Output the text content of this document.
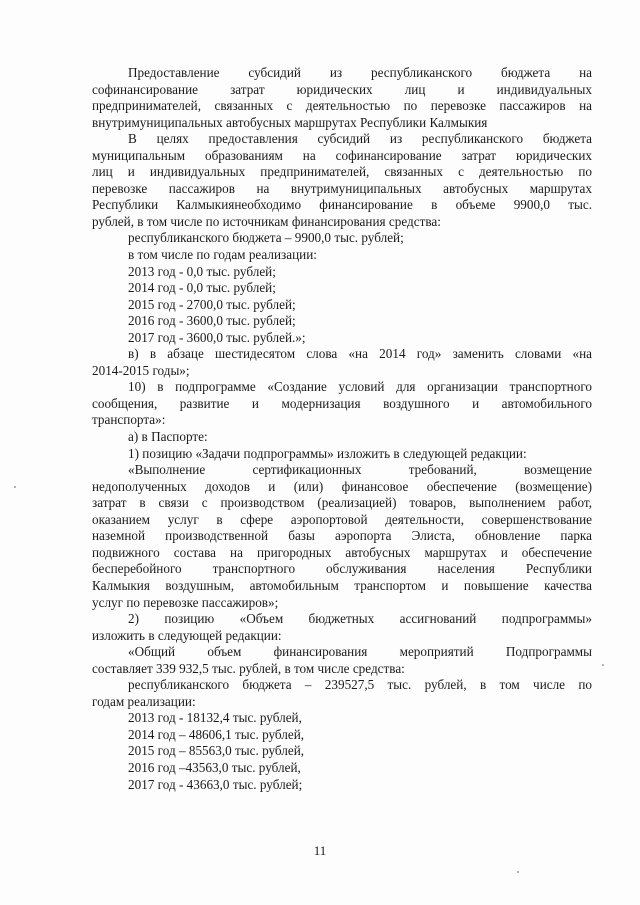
Предоставление субсидий из республиканского бюджета на
софинансирование затрат юридических лиц и индивидуальных
предпринимателей, связанных с деятельностью по перевозке пассажиров на
внутримуниципальных автобусных маршрутах Республики Калмыкия
В целях предоставления субсидий из республиканского бюджета
муниципальным образованиям на софинансирование затрат юридических
лиц и индивидуальных предпринимателей, связанных с деятельностью по
перевозке пассажиров на внутримуниципальных автобусных маршрутах
Республики Калмыкиянеобходимо финансирование в объеме 9900,0 тыс.
рублей, в том числе по источникам финансирования средства:
республиканского бюджета – 9900,0 тыс. рублей;
в том числе по годам реализации:
2013 год - 0,0 тыс. рублей;
2014 год - 0,0 тыс. рублей;
2015 год - 2700,0 тыс. рублей;
2016 год - 3600,0 тыс. рублей;
2017 год - 3600,0 тыс. рублей.»;
в) в абзаце шестидесятом слова «на 2014 год» заменить словами «на
2014-2015 годы»;
10) в подпрограмме «Создание условий для организации транспортного
сообщения, развитие и модернизация воздушного и автомобильного
транспорта»:
а) в Паспорте:
1) позицию «Задачи подпрограммы» изложить в следующей редакции:
«Выполнение сертификационных требований, возмещение
недополученных доходов и (или) финансовое обеспечение (возмещение)
затрат в связи с производством (реализацией) товаров, выполнением работ,
оказанием услуг в сфере аэропортовой деятельности, совершенствование
наземной производственной базы аэропорта Элиста, обновление парка
подвижного состава на пригородных автобусных маршрутах и обеспечение
бесперебойного транспортного обслуживания населения Республики
Калмыкия воздушным, автомобильным транспортом и повышение качества
услуг по перевозке пассажиров»;
2) позицию «Объем бюджетных ассигнований подпрограммы»
изложить в следующей редакции:
«Общий объем финансирования мероприятий Подпрограммы
составляет 339 932,5 тыс. рублей, в том числе средства:
республиканского бюджета – 239527,5 тыс. рублей, в том числе по
годам реализации:
2013 год - 18132,4 тыс. рублей,
2014 год – 48606,1 тыс. рублей,
2015 год – 85563,0 тыс. рублей,
2016 год –43563,0 тыс. рублей,
2017 год - 43663,0 тыс. рублей;
11
